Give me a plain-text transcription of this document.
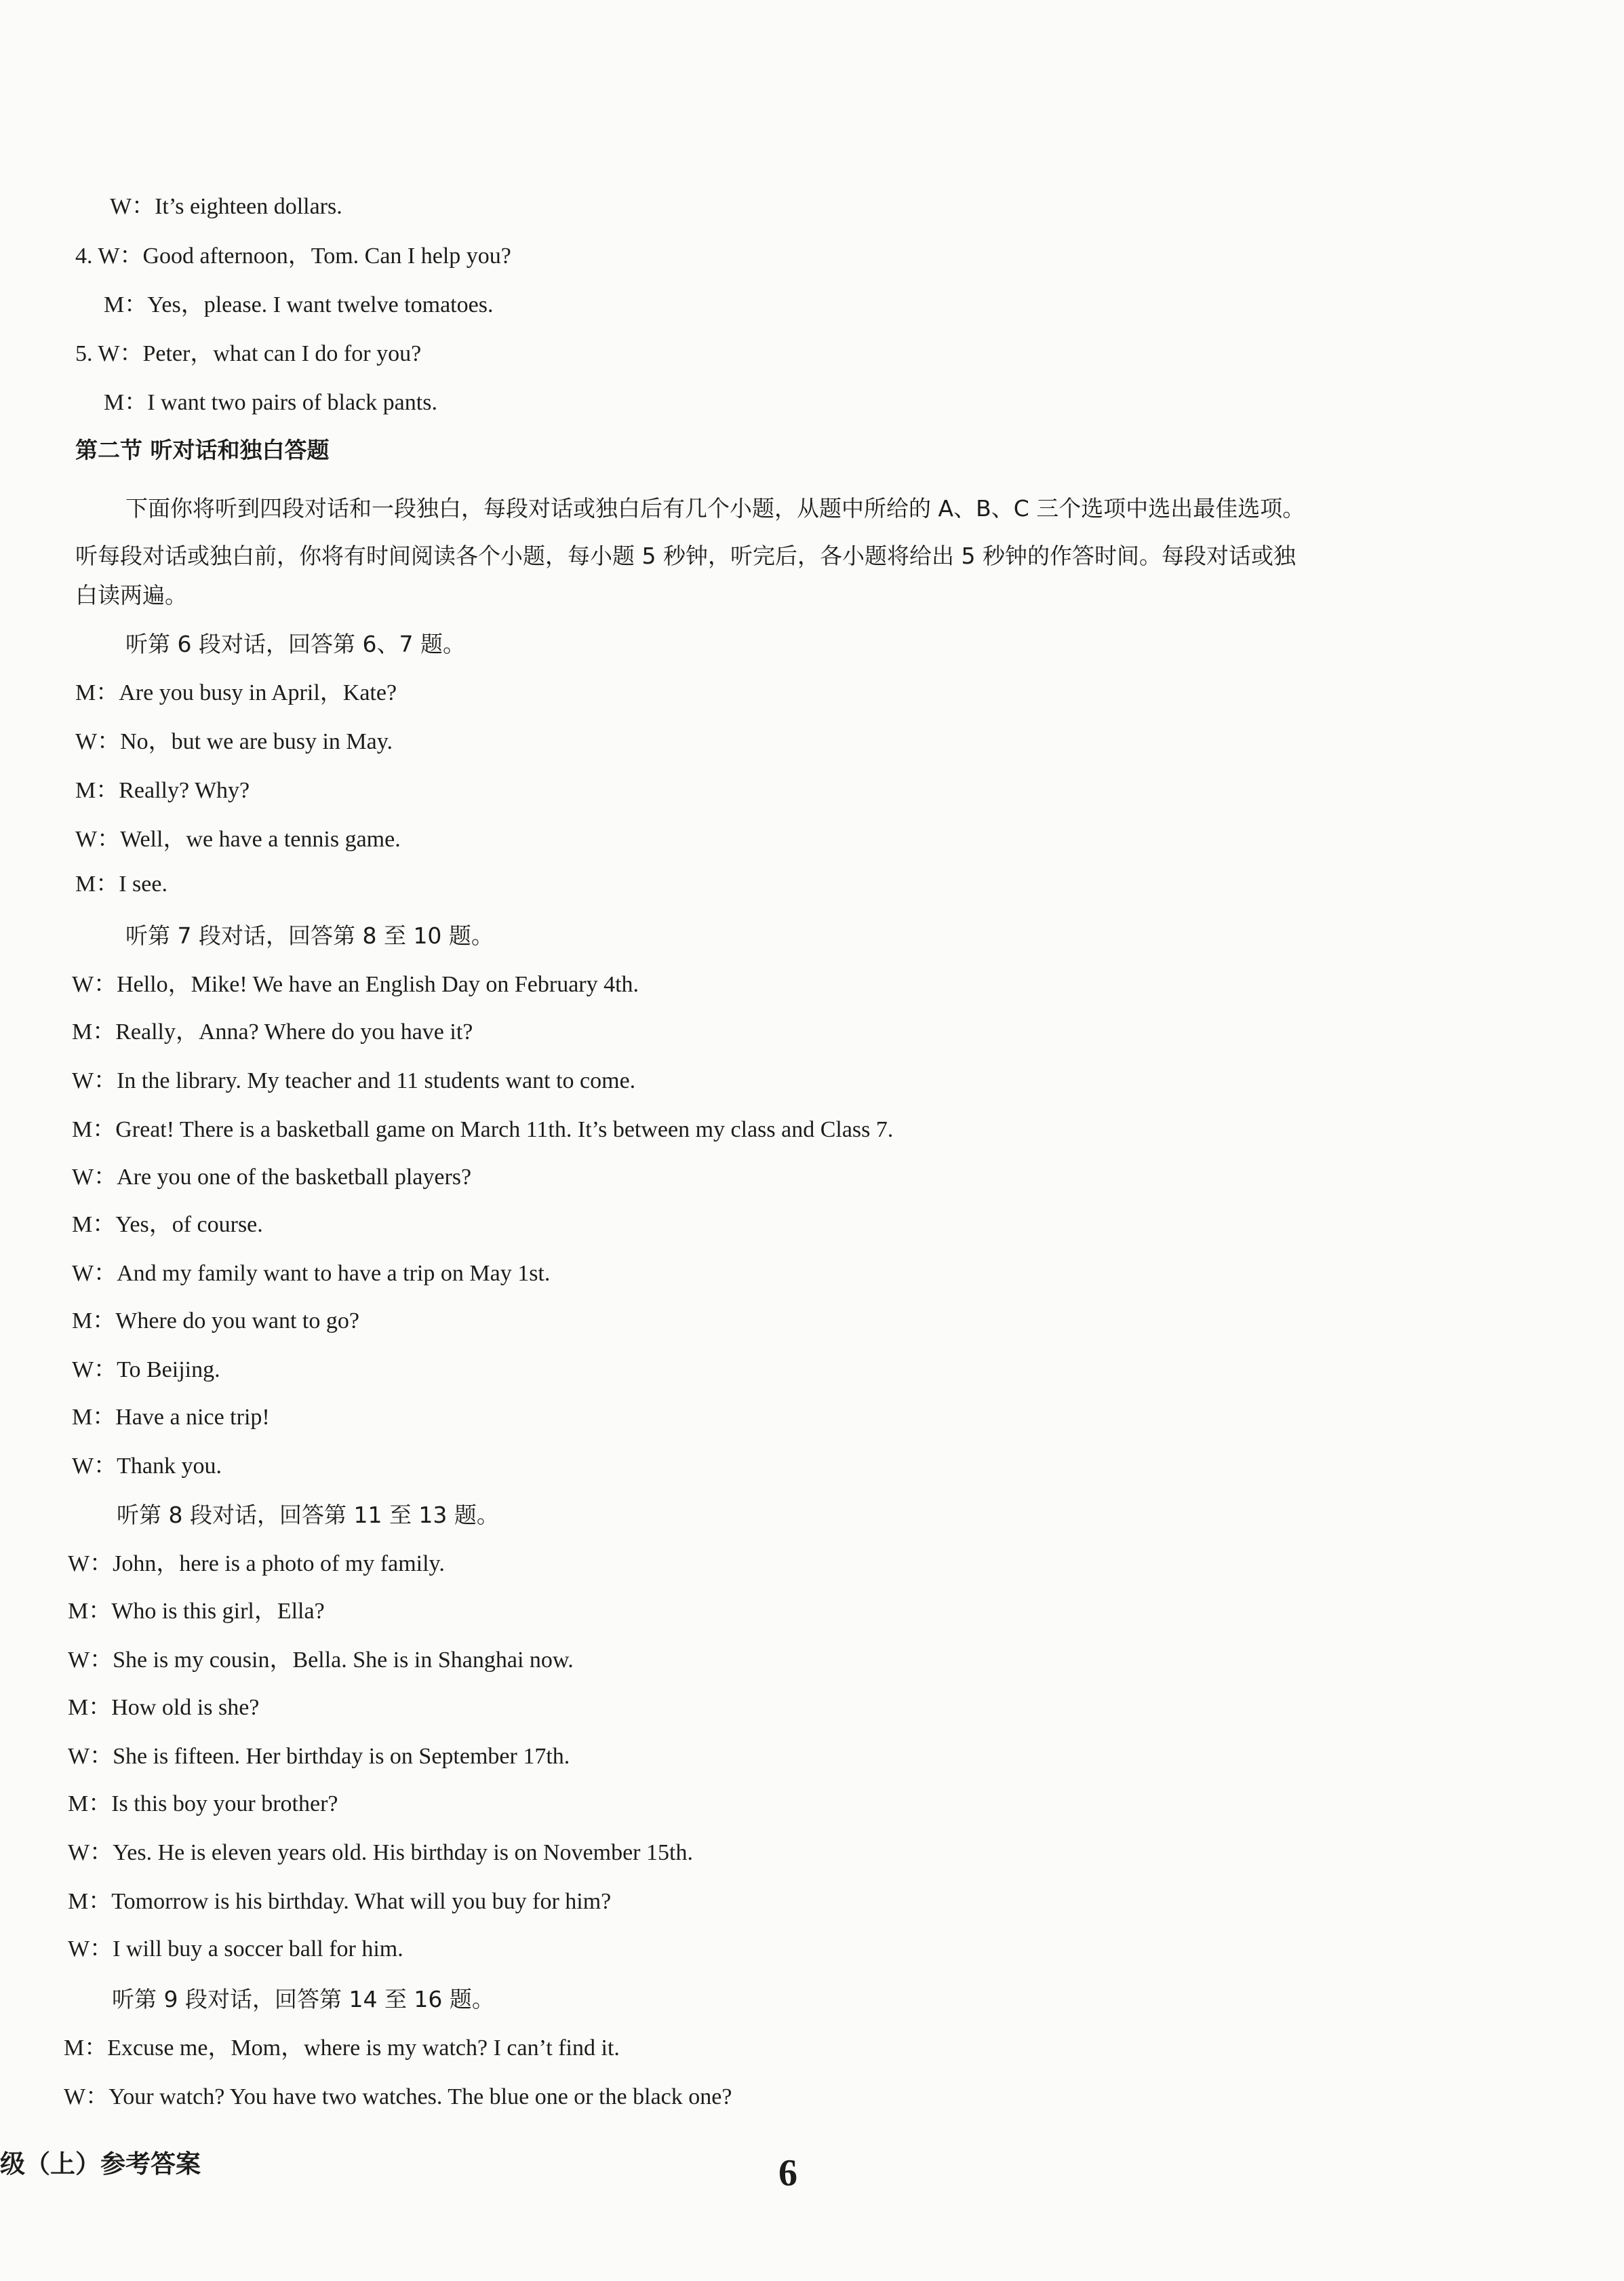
W：It’s eighteen dollars.
4. W：Good afternoon，Tom. Can I help you?
M：Yes，please. I want twelve tomatoes.
5. W：Peter，what can I do for you?
M：I want two pairs of black pants.
第二节 听对话和独白答题
下面你将听到四段对话和一段独白，每段对话或独白后有几个小题，从题中所给的 A、B、C 三个选项中选出最佳选项。
听每段对话或独白前，你将有时间阅读各个小题，每小题 5 秒钟，听完后，各小题将给出 5 秒钟的作答时间。每段对话或独
白读两遍。
听第 6 段对话，回答第 6、7 题。
M：Are you busy in April，Kate?
W：No，but we are busy in May.
M：Really? Why?
W：Well，we have a tennis game.
M：I see.
听第 7 段对话，回答第 8 至 10 题。
W：Hello，Mike! We have an English Day on February 4th.
M：Really，Anna? Where do you have it?
W：In the library. My teacher and 11 students want to come.
M：Great! There is a basketball game on March 11th. It’s between my class and Class 7.
W：Are you one of the basketball players?
M：Yes，of course.
W：And my family want to have a trip on May 1st.
M：Where do you want to go?
W：To Beijing.
M：Have a nice trip!
W：Thank you.
听第 8 段对话，回答第 11 至 13 题。
W：John，here is a photo of my family.
M：Who is this girl，Ella?
W：She is my cousin，Bella. She is in Shanghai now.
M：How old is she?
W：She is fifteen. Her birthday is on September 17th.
M：Is this boy your brother?
W：Yes. He is eleven years old. His birthday is on November 15th.
M：Tomorrow is his birthday. What will you buy for him?
W：I will buy a soccer ball for him.
听第 9 段对话，回答第 14 至 16 题。
M：Excuse me，Mom，where is my watch? I can’t find it.
W：Your watch? You have two watches. The blue one or the black one?
级（上）参考答案	6
